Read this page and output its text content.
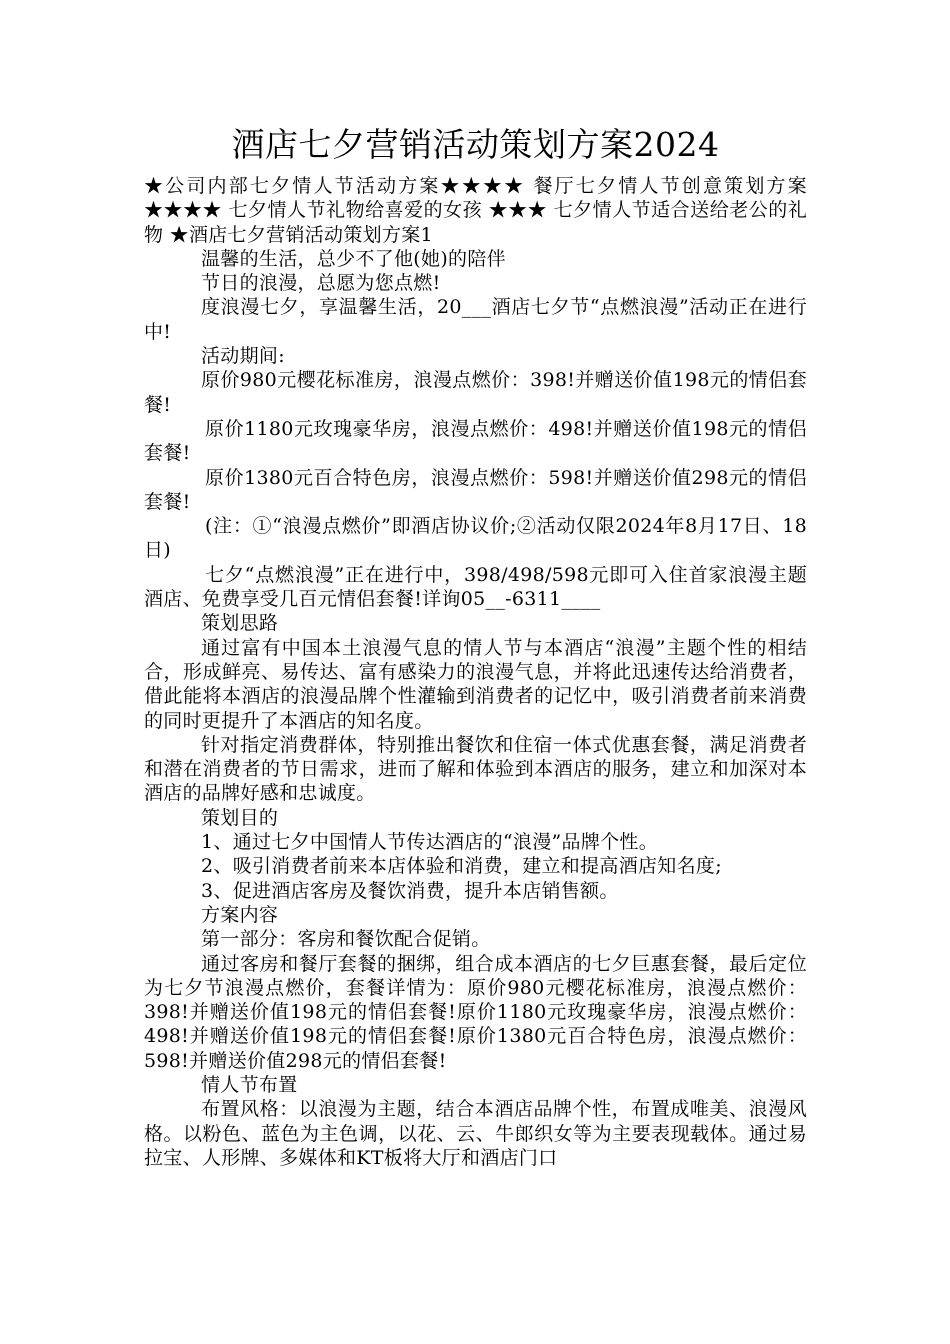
酒店七夕营销活动策划方案2024

★公司内部七夕情人节活动方案★★★★ 餐厅七夕情人节创意策划方案 ★★★★ 七夕情人节礼物给喜爱的女孩 ★★★ 七夕情人节适合送给老公的礼物 ★酒店七夕营销活动策划方案1

温馨的生活，总少不了他(她)的陪伴

节日的浪漫，总愿为您点燃!

度浪漫七夕，享温馨生活，20___酒店七夕节“点燃浪漫”活动正在进行中!

活动期间:

原价980元樱花标准房，浪漫点燃价：398!并赠送价值198元的情侣套餐!

原价1180元玫瑰豪华房，浪漫点燃价：498!并赠送价值198元的情侣套餐!

原价1380元百合特色房，浪漫点燃价：598!并赠送价值298元的情侣套餐!

(注：①“浪漫点燃价”即酒店协议价;②活动仅限2024年8月17日、18日)

七夕“点燃浪漫”正在进行中，398/498/598元即可入住首家浪漫主题酒店、免费享受几百元情侣套餐!详询05__-6311____

策划思路

通过富有中国本土浪漫气息的情人节与本酒店“浪漫”主题个性的相结合，形成鲜亮、易传达、富有感染力的浪漫气息，并将此迅速传达给消费者，借此能将本酒店的浪漫品牌个性灌输到消费者的记忆中，吸引消费者前来消费的同时更提升了本酒店的知名度。

针对指定消费群体，特别推出餐饮和住宿一体式优惠套餐，满足消费者和潜在消费者的节日需求，进而了解和体验到本酒店的服务，建立和加深对本酒店的品牌好感和忠诚度。

策划目的

1、通过七夕中国情人节传达酒店的“浪漫”品牌个性。

2、吸引消费者前来本店体验和消费，建立和提高酒店知名度;

3、促进酒店客房及餐饮消费，提升本店销售额。

方案内容

第一部分：客房和餐饮配合促销。

通过客房和餐厅套餐的捆绑，组合成本酒店的七夕巨惠套餐，最后定位为七夕节浪漫点燃价，套餐详情为：原价980元樱花标准房，浪漫点燃价：398!并赠送价值198元的情侣套餐!原价1180元玫瑰豪华房，浪漫点燃价：498!并赠送价值198元的情侣套餐!原价1380元百合特色房，浪漫点燃价：598!并赠送价值298元的情侣套餐!

情人节布置

布置风格：以浪漫为主题，结合本酒店品牌个性，布置成唯美、浪漫风格。以粉色、蓝色为主色调，以花、云、牛郎织女等为主要表现载体。通过易拉宝、人形牌、多媒体和KT板将大厅和酒店门口
